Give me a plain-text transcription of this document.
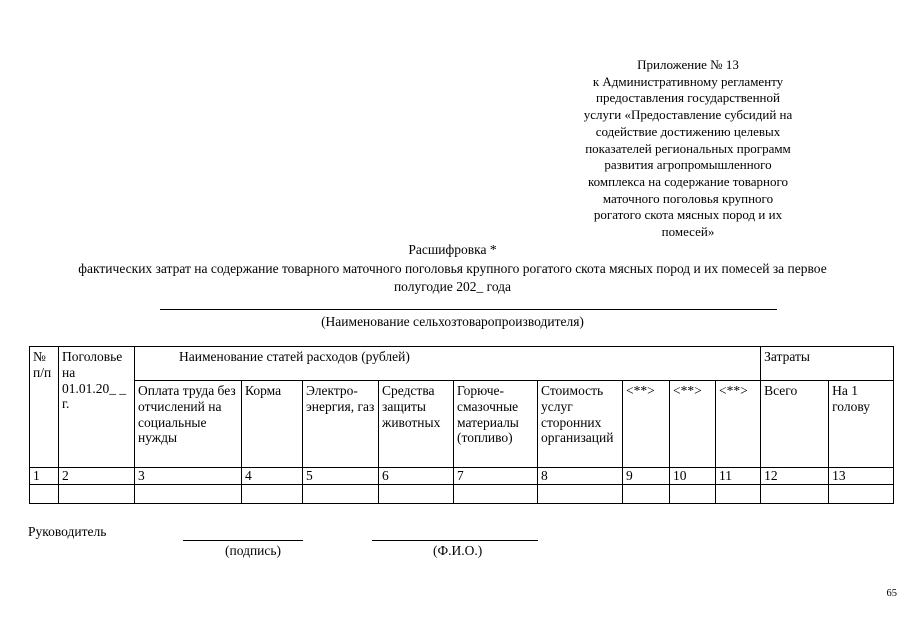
Приложение № 13
к Административному регламенту
предоставления государственной
услуги «Предоставление субсидий на
содействие достижению целевых
показателей региональных программ
развития агропромышленного
комплекса на содержание товарного
маточного поголовья крупного
рогатого скота мясных пород и их
помесей»
Расшифровка *
фактических затрат на содержание товарного маточного поголовья крупного рогатого скота мясных пород и их помесей за первое
полугодие 202_ года
(Наименование сельхозтоваропроизводителя)
№ п/п	Поголовье на 01.01.20_ _ г.	Наименование статей расходов (рублей)									Затраты	
		Оплата труда без отчислений на социальные нужды	Корма	Электро-энергия, газ	Средства защиты животных	Горюче-смазочные материалы (топливо)	Стоимость услуг сторонних организаций	<**>	<**>	<**>	Всего	На 1 голову
1	2	3	4	5	6	7	8	9	10	11	12	13

Руководитель
(подпись)	(Ф.И.О.)
65
